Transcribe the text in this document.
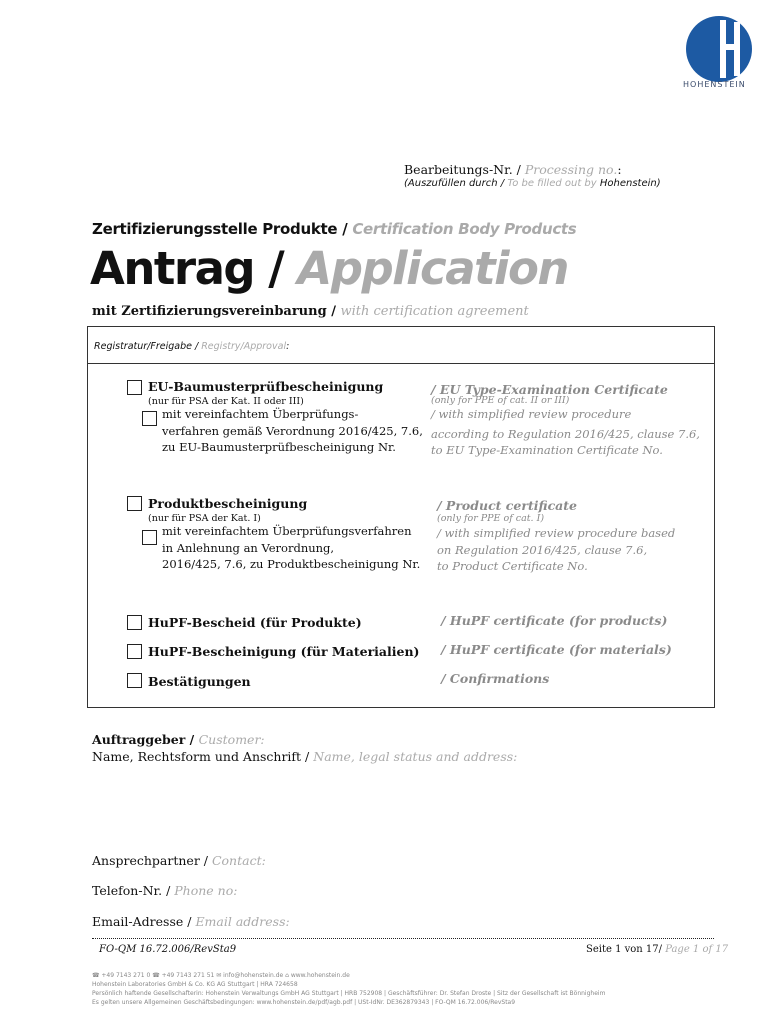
HOHENSTEIN
Bearbeitungs-Nr. / Processing no.:
(Auszufüllen durch / To be filled out by Hohenstein)
Zertifizierungsstelle Produkte / Certification Body Products
Antrag / Application
mit Zertifizierungsvereinbarung / with certification agreement
Registratur/Freigabe / Registry/Approval:
EU-Baumusterprüfbescheinigung
(nur für PSA der Kat. II oder III)
/ EU Type-Examination Certificate
(only for PPE of cat. II or III)
mit vereinfachtem Überprüfungs-
verfahren gemäß Verordnung 2016/425, 7.6,
zu EU-Baumusterprüfbescheinigung Nr.
/ with simplified review procedure
according to Regulation 2016/425, clause 7.6,
to EU Type-Examination Certificate No.
Produktbescheinigung
(nur für PSA der Kat. I)
/ Product certificate
(only for PPE of cat. I)
mit vereinfachtem Überprüfungsverfahren
in Anlehnung an Verordnung,
2016/425, 7.6, zu Produktbescheinigung Nr.
/ with simplified review procedure based
on Regulation 2016/425, clause 7.6,
to Product Certificate No.
HuPF-Bescheid (für Produkte)	/ HuPF certificate (for products)
HuPF-Bescheinigung (für Materialien) / HuPF certificate (for materials)
Bestätigungen	/ Confirmations
Auftraggeber / Customer:
Name, Rechtsform und Anschrift / Name, legal status and address:
Ansprechpartner / Contact:
Telefon-Nr. / Phone no:
Email-Adresse / Email address:
FO-QM 16.72.006/RevSta9	Seite 1 von 17/ Page 1 of 17
☎ +49 7143 271 0 ☎ +49 7143 271 51 ✉ info@hohenstein.de ⌂ www.hohenstein.de
Hohenstein Laboratories GmbH & Co. KG AG Stuttgart | HRA 724658
Persönlich haftende Gesellschafterin: Hohenstein Verwaltungs GmbH AG Stuttgart | HRB 752908 | Geschäftsführer: Dr. Stefan Droste | Sitz der Gesellschaft ist Bönnigheim
Es gelten unsere Allgemeinen Geschäftsbedingungen: www.hohenstein.de/pdf/agb.pdf | USt-IdNr. DE362879343 | FO-QM 16.72.006/RevSta9
